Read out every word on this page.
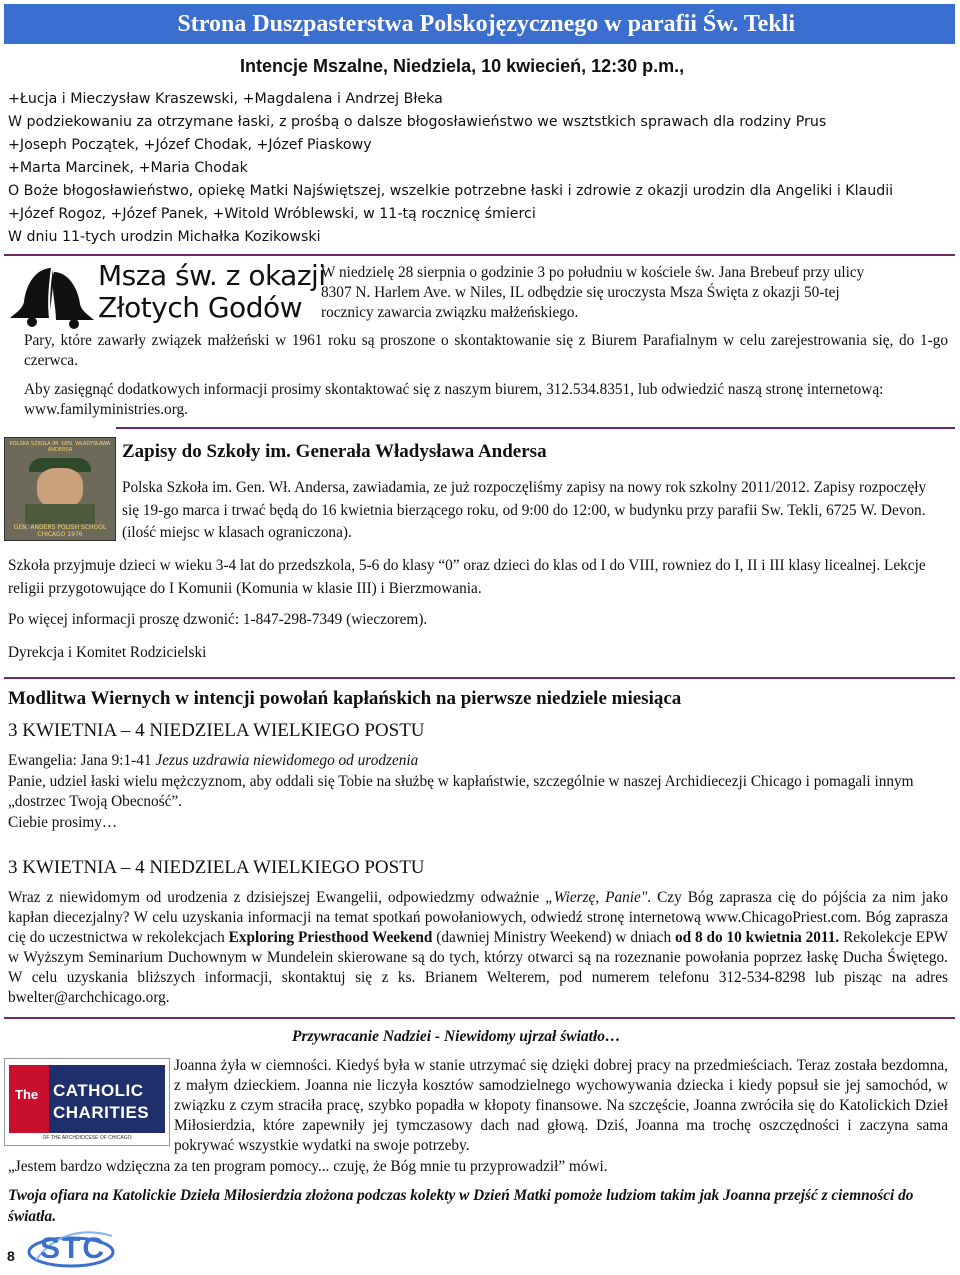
Strona Duszpasterstwa Polskojęzycznego w parafii Św. Tekli
Intencje Mszalne, Niedziela, 10 kwiecień, 12:30 p.m.,
+Łucja i Mieczysław Kraszewski, +Magdalena i Andrzej Błeka
W podziekowaniu za otrzymane łaski, z prośbą o dalsze błogosławieństwo we wsztstkich sprawach dla rodziny Prus
+Joseph Początek, +Józef Chodak, +Józef Piaskowy
+Marta Marcinek, +Maria Chodak
O Boże błogosławieństwo, opiekę Matki Najświętszej, wszelkie potrzebne łaski i zdrowie z okazji urodzin dla Angeliki i Klaudii
+Józef Rogoz, +Józef Panek, +Witold Wróblewski, w 11-tą rocznicę śmierci
W dniu 11-tych urodzin Michałka Kozikowski
Msza św. z okazji
Złotych Godów
W niedzielę 28 sierpnia o godzinie 3 po południu w kościele św. Jana Brebeuf przy ulicy
8307 N. Harlem Ave. w Niles, IL odbędzie się uroczysta Msza Święta z okazji 50-tej
rocznicy zawarcia związku małżeńskiego.
Pary, które zawarły związek małżeński w 1961 roku są proszone o skontaktowanie się z Biurem Parafialnym w celu zarejestrowania się, do 1-go czerwca.
Aby zasięgnąć dodatkowych informacji prosimy skontaktować się z naszym biurem, 312.534.8351, lub odwiedzić naszą stronę internetową: www.familyministries.org.
POLSKA SZKOŁA IM. GEN. WŁADYSŁAWA ANDERSA
GEN. ANDERS POLISH SCHOOL
CHICAGO 1976
Zapisy do Szkoły im. Generała Władysława Andersa
Polska Szkoła im. Gen. Wł. Andersa, zawiadamia, ze już rozpoczęliśmy zapisy na nowy rok szkolny 2011/2012. Zapisy rozpoczęły się 19-go marca i trwać będą do 16 kwietnia bierzącego roku, od 9:00 do 12:00, w budynku przy parafii Sw. Tekli, 6725 W. Devon. (ilość miejsc w klasach ograniczona).
Szkoła przyjmuje dzieci w wieku 3-4 lat do przedszkola, 5-6 do klasy “0” oraz dzieci do klas od I do VIII, rowniez do I, II i III klasy licealnej. Lekcje religii przygotowujące do I Komunii (Komunia w klasie III) i Bierzmowania.
Po więcej informacji proszę dzwonić: 1-847-298-7349 (wieczorem).
Dyrekcja i Komitet Rodzicielski
Modlitwa Wiernych w intencji powołań kapłańskich na pierwsze niedziele miesiąca
3 KWIETNIA – 4 NIEDZIELA WIELKIEGO POSTU
Ewangelia: Jana 9:1-41 Jezus uzdrawia niewidomego od urodzenia
Panie, udziel łaski wielu mężczyznom, aby oddali się Tobie na służbę w kapłaństwie, szczególnie w naszej Archidiecezji Chicago i pomagali innym „dostrzec Twoją Obecność”.
Ciebie prosimy…
3 KWIETNIA – 4 NIEDZIELA WIELKIEGO POSTU
Wraz z niewidomym od urodzenia z dzisiejszej Ewangelii, odpowiedzmy odważnie „Wierzę, Panie". Czy Bóg zaprasza cię do pójścia za nim jako kapłan diecezjalny? W celu uzyskania informacji na temat spotkań powołaniowych, odwiedź stronę internetową www.ChicagoPriest.com. Bóg zaprasza cię do uczestnictwa w rekolekcjach Exploring Priesthood Weekend (dawniej Ministry Weekend) w dniach od 8 do 10 kwietnia 2011. Rekolekcje EPW w Wyższym Seminarium Duchownym w Mundelein skierowane są do tych, którzy otwarci są na rozeznanie powołania poprzez łaskę Ducha Świętego. W celu uzyskania bliższych informacji, skontaktuj się z ks. Brianem Welterem, pod numerem telefonu 312-534-8298 lub pisząc na adres bwelter@archchicago.org.
Przywracanie Nadziei - Niewidomy ujrzał światło…
The CATHOLIC
CHARITIES
OF THE ARCHDIOCESE OF CHICAGO
Joanna żyła w ciemności. Kiedyś była w stanie utrzymać się dzięki dobrej pracy na przedmieściach. Teraz została bezdomna, z małym dzieckiem. Joanna nie liczyła kosztów samodzielnego wychowywania dziecka i kiedy popsuł sie jej samochód, w związku z czym straciła pracę, szybko popadła w kłopoty finansowe. Na szczęście, Joanna zwróciła się do Katolickich Dzieł Miłosierdzia, które zapewniły jej tymczasowy dach nad głową. Dziś, Joanna ma trochę oszczędności i zaczyna sama pokrywać wszystkie wydatki na swoje potrzeby.
„Jestem bardzo wdzięczna za ten program pomocy... czuję, że Bóg mnie tu przyprowadził” mówi.
Twoja ofiara na Katolickie Dzieła Miłosierdzia złożona podczas kolekty w Dzień Matki pomoże ludziom takim jak Joanna przejść z ciemności do światła.
8 STC
